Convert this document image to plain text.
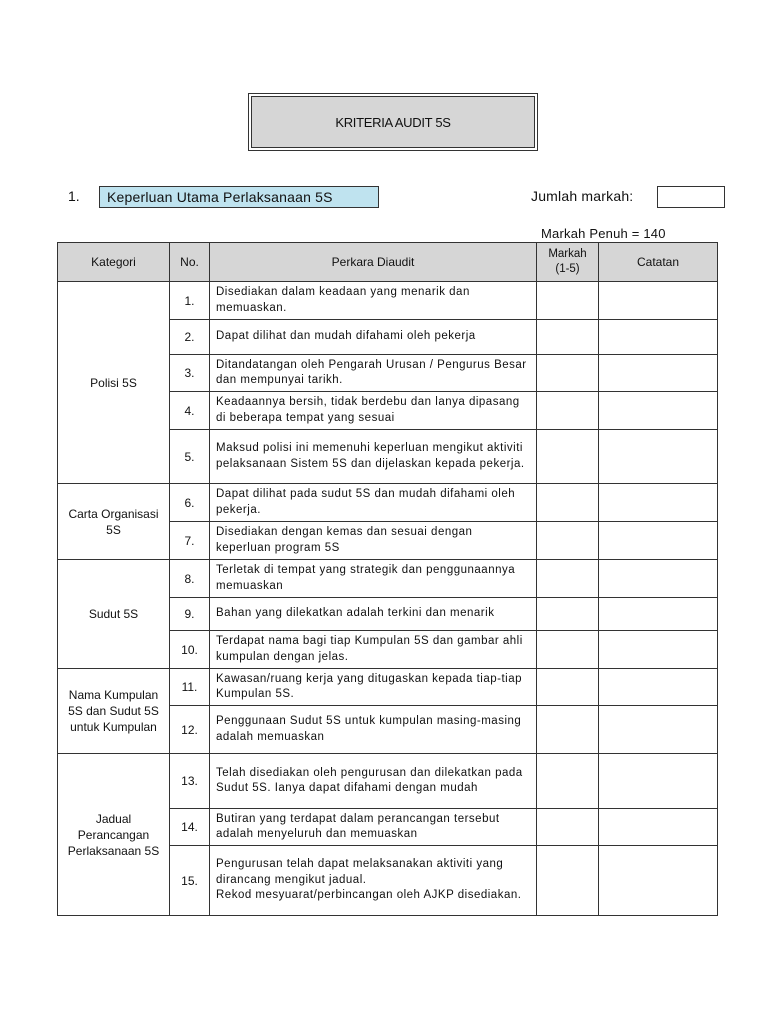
KRITERIA AUDIT 5S
1.	Keperluan Utama Perlaksanaan 5S	Jumlah markah:
Markah Penuh = 140
Kategori	No.	Perkara Diaudit	Markah (1-5)	Catatan
Polisi 5S	1.	Disediakan dalam keadaan yang menarik dan memuaskan.		
	2.	Dapat dilihat dan mudah difahami oleh pekerja		
	3.	Ditandatangan oleh Pengarah Urusan / Pengurus Besar dan mempunyai tarikh.		
	4.	Keadaannya bersih, tidak berdebu dan lanya dipasang di beberapa tempat yang sesuai		
	5.	Maksud polisi ini memenuhi keperluan mengikut aktiviti pelaksanaan Sistem 5S dan dijelaskan kepada pekerja.		
Carta Organisasi 5S	6.	Dapat dilihat pada sudut 5S dan mudah difahami oleh pekerja.		
	7.	Disediakan dengan kemas dan sesuai dengan keperluan program 5S		
Sudut 5S	8.	Terletak di tempat yang strategik dan penggunaannya memuaskan		
	9.	Bahan yang dilekatkan adalah terkini dan menarik		
	10.	Terdapat nama bagi tiap Kumpulan 5S dan gambar ahli kumpulan dengan jelas.		
Nama Kumpulan 5S dan Sudut 5S untuk Kumpulan	11.	Kawasan/ruang kerja yang ditugaskan kepada tiap-tiap Kumpulan 5S.		
	12.	Penggunaan Sudut 5S untuk kumpulan masing-masing adalah memuaskan		
Jadual Perancangan Perlaksanaan 5S	13.	Telah disediakan oleh pengurusan dan dilekatkan pada Sudut 5S. Ianya dapat difahami dengan mudah		
	14.	Butiran yang terdapat dalam perancangan tersebut adalah menyeluruh dan memuaskan		
	15.	Pengurusan telah dapat melaksanakan aktiviti yang dirancang mengikut jadual.
Rekod mesyuarat/perbincangan oleh AJKP disediakan.		
